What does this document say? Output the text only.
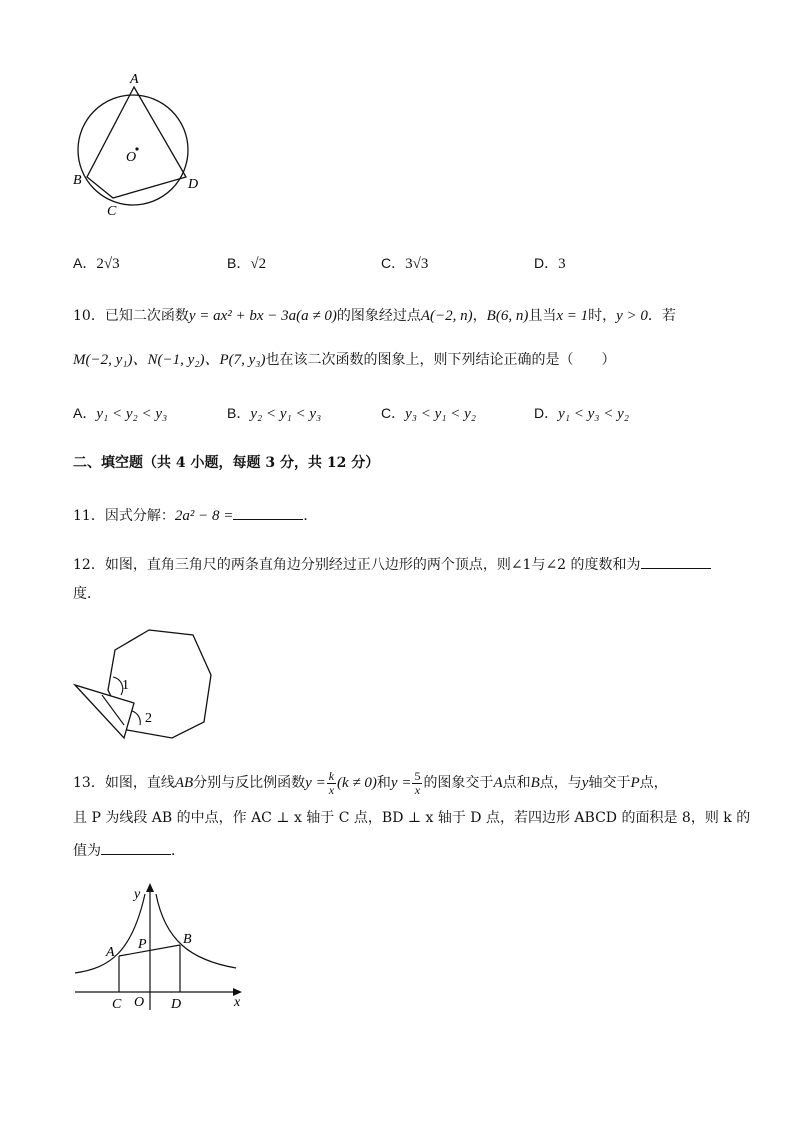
A
O
B
C
D
A．2√3	B．√2	C．3√3	D．3
10．已知二次函数y = ax² + bx − 3a(a ≠ 0)的图象经过点A(−2, n)，B(6, n)且当x = 1时，y > 0．若
M(−2, y₁)、N(−1, y₂)、P(7, y₃)也在该二次函数的图象上，则下列结论正确的是（　　）
A．y₁ < y₂ < y₃	B．y₂ < y₁ < y₃	C．y₃ < y₁ < y₂	D．y₁ < y₃ < y₂
二、填空题（共 4 小题，每题 3 分，共 12 分）
11．因式分解：2a² − 8 =	．
12．如图，直角三角尺的两条直角边分别经过正八边形的两个顶点，则∠1与∠2 的度数和为
度．
1
2
13．如图，直线AB分别与反比例函数$y = \frac{k}{x} (k \ne 0)$和$y = \frac{5}{x}$ 的图象交于A点和B点，与y轴交于P点，
且 P 为线段 AB 的中点，作 AC ⊥ x 轴于 C 点，BD ⊥ x 轴于 D 点，若四边形 ABCD 的面积是 8，则 k 的
值为	．
y
x
A
P	B
C O D
